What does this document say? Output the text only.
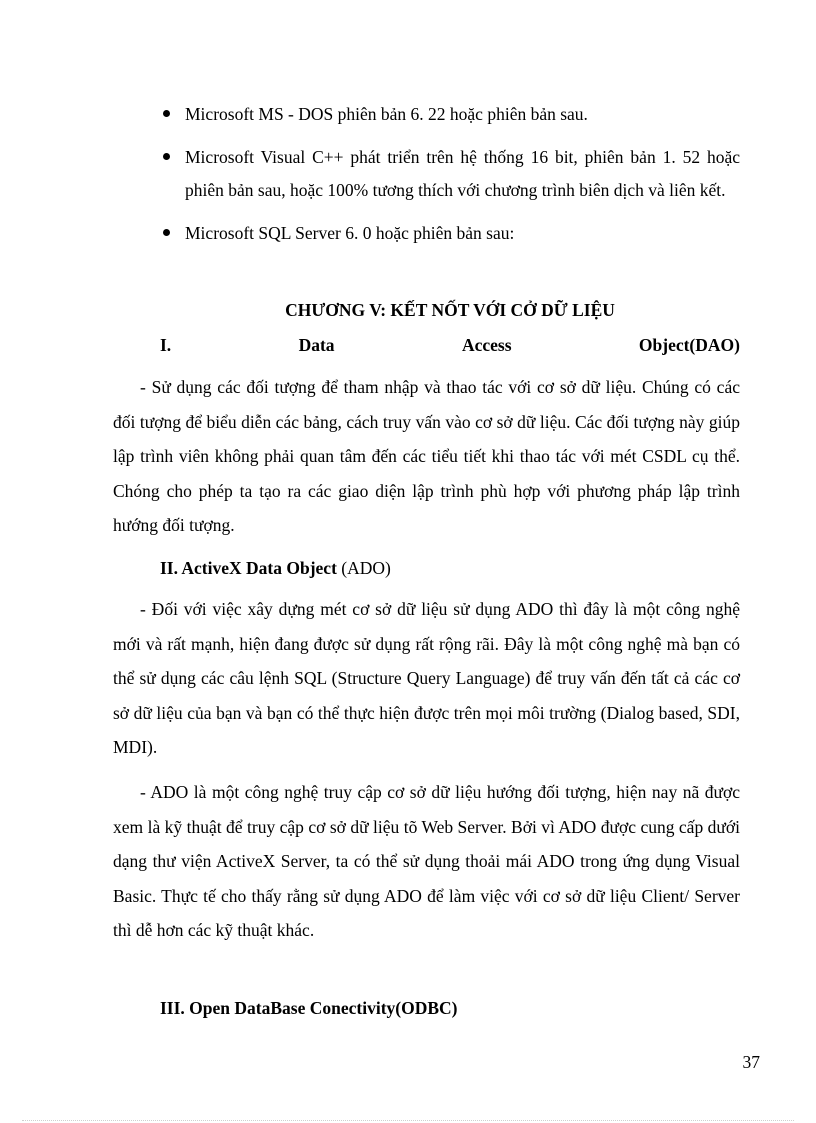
Microsoft MS - DOS phiên bản 6. 22 hoặc phiên bản sau.
Microsoft Visual C++ phát triển trên hệ thống 16 bit, phiên bản 1. 52 hoặc phiên bản sau, hoặc 100% tương thích với chương trình biên dịch và liên kết.
Microsoft SQL Server 6. 0 hoặc phiên bản sau:
CHƯƠNG V: KẾT NỐT VỚI CỞ DỮ LIỆU
I.	Data	Access	Object(DAO)

- Sử dụng các đối tượng để tham nhập và thao tác với cơ sở dữ liệu. Chúng có các đối tượng để biểu diễn các bảng, cách truy vấn vào cơ sở dữ liệu. Các đối tượng này giúp lập trình viên không phải quan tâm đến các tiểu tiết khi thao tác với mét CSDL cụ thể. Chóng cho phép ta tạo ra các giao diện lập trình phù hợp với phương pháp lập trình hướng đối tượng.

II. ActiveX Data Object (ADO)

- Đối với việc xây dựng mét cơ sở dữ liệu sử dụng ADO thì đây là một công nghệ mới và rất mạnh, hiện đang được sử dụng rất rộng rãi. Đây là một công nghệ mà bạn có thể sử dụng các câu lệnh SQL (Structure Query Language) để truy vấn đến tất cả các cơ sở dữ liệu của bạn và bạn có thể thực hiện được trên mọi môi trường (Dialog based, SDI, MDI).

- ADO là một công nghệ truy cập cơ sở dữ liệu hướng đối tượng, hiện nay nã được xem là kỹ thuật để truy cập cơ sở dữ liệu tõ Web Server. Bởi vì ADO được cung cấp dưới dạng thư viện ActiveX Server, ta có thể sử dụng thoải mái ADO trong ứng dụng Visual Basic. Thực tế cho thấy rằng sử dụng ADO để làm việc với cơ sở dữ liệu Client/ Server thì dễ hơn các kỹ thuật khác.

III. Open DataBase Conectivity(ODBC)
37
